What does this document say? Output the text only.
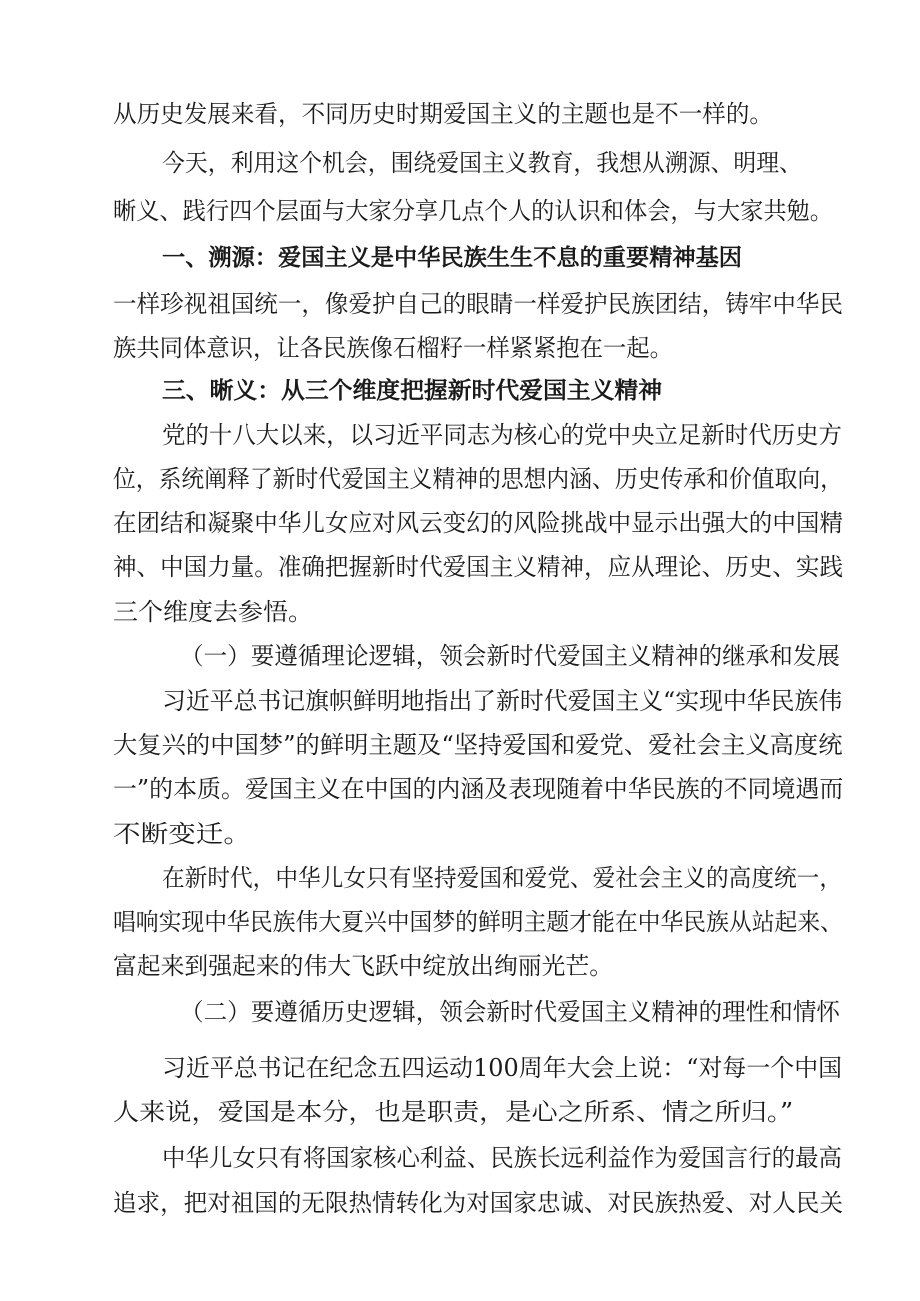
从历史发展来看，不同历史时期爱国主义的主题也是不一样的。
今天，利用这个机会，围绕爱国主义教育，我想从溯源、明理、
晰义、践行四个层面与大家分享几点个人的认识和体会，与大家共勉。
一、溯源：爱国主义是中华民族生生不息的重要精神基因
一样珍视祖国统一，像爱护自己的眼睛一样爱护民族团结，铸牢中华民
族共同体意识，让各民族像石榴籽一样紧紧抱在一起。
三、晰义：从三个维度把握新时代爱国主义精神
党的十八大以来，以习近平同志为核心的党中央立足新时代历史方
位，系统阐释了新时代爱国主义精神的思想内涵、历史传承和价值取向，
在团结和凝聚中华儿女应对风云变幻的风险挑战中显示出强大的中国精
神、中国力量。准确把握新时代爱国主义精神，应从理论、历史、实践
三个维度去参悟。
（一）要遵循理论逻辑，领会新时代爱国主义精神的继承和发展
习近平总书记旗帜鲜明地指出了新时代爱国主义“实现中华民族伟
大复兴的中国梦”的鲜明主题及“坚持爱国和爱党、爱社会主义高度统
一”的本质。爱国主义在中国的内涵及表现随着中华民族的不同境遇而
不断变迁。
在新时代，中华儿女只有坚持爱国和爱党、爱社会主义的高度统一，
唱响实现中华民族伟大夏兴中国梦的鲜明主题才能在中华民族从站起来、
富起来到强起来的伟大飞跃中绽放出绚丽光芒。
（二）要遵循历史逻辑，领会新时代爱国主义精神的理性和情怀
习近平总书记在纪念五四运动100周年大会上说：“对每一个中国
人来说，爱国是本分，也是职责，是心之所系、情之所归。”
中华儿女只有将国家核心利益、民族长远利益作为爱国言行的最高
追求，把对祖国的无限热情转化为对国家忠诚、对民族热爱、对人民关
